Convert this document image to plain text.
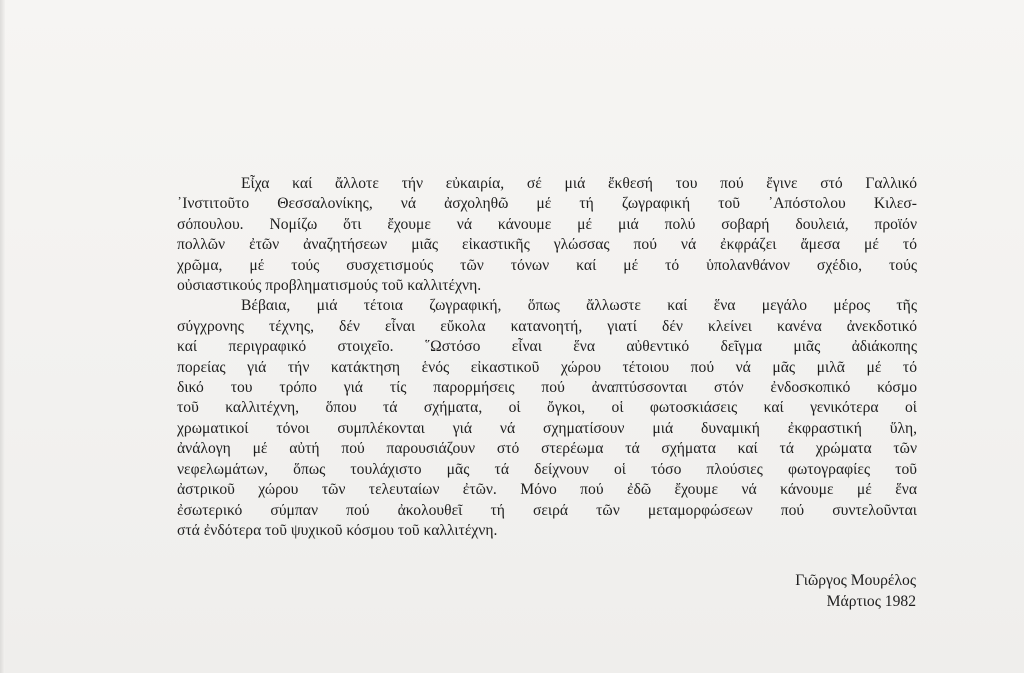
Εἶχα καί ἄλλοτε τήν εὐκαιρία, σέ μιά ἔκθεσή του πού ἔγινε στό Γαλλικό
᾿Ινστιτοῦτο Θεσσαλονίκης, νά ἀσχοληθῶ μέ τή ζωγραφική τοῦ ᾿Απόστολου Κιλεσ-
σόπουλου. Νομίζω ὅτι ἔχουμε νά κάνουμε μέ μιά πολύ σοβαρή δουλειά, προϊόν
πολλῶν ἐτῶν ἀναζητήσεων μιᾶς εἰκαστικῆς γλώσσας πού νά ἐκφράζει ἄμεσα μέ τό
χρῶμα, μέ τούς συσχετισμούς τῶν τόνων καί μέ τό ὑπολανθάνον σχέδιο, τούς
οὐσιαστικούς προβληματισμούς τοῦ καλλιτέχνη.
Βέβαια, μιά τέτοια ζωγραφική, ὅπως ἄλλωστε καί ἕνα μεγάλο μέρος τῆς
σύγχρονης τέχνης, δέν εἶναι εὔκολα κατανοητή, γιατί δέν κλείνει κανένα ἀνεκδοτικό
καί περιγραφικό στοιχεῖο. ῞Ωστόσο εἶναι ἕνα αὐθεντικό δεῖγμα μιᾶς ἀδιάκοπης
πορείας γιά τήν κατάκτηση ἑνός εἰκαστικοῦ χώρου τέτοιου πού νά μᾶς μιλᾶ μέ τό
δικό του τρόπο γιά τίς παρορμήσεις πού ἀναπτύσσονται στόν ἐνδοσκοπικό κόσμο
τοῦ καλλιτέχνη, ὅπου τά σχήματα, οἱ ὄγκοι, οἱ φωτοσκιάσεις καί γενικότερα οἱ
χρωματικοί τόνοι συμπλέκονται γιά νά σχηματίσουν μιά δυναμική ἐκφραστική ὕλη,
ἀνάλογη μέ αὐτή πού παρουσιάζουν στό στερέωμα τά σχήματα καί τά χρώματα τῶν
νεφελωμάτων, ὅπως τουλάχιστο μᾶς τά δείχνουν οἱ τόσο πλούσιες φωτογραφίες τοῦ
ἀστρικοῦ χώρου τῶν τελευταίων ἐτῶν. Μόνο πού ἐδῶ ἔχουμε νά κάνουμε μέ ἕνα
ἐσωτερικό σύμπαν πού ἀκολουθεῖ τή σειρά τῶν μεταμορφώσεων πού συντελοῦνται
στά ἐνδότερα τοῦ ψυχικοῦ κόσμου τοῦ καλλιτέχνη.
Γιῶργος Μουρέλος
Μάρτιος 1982
